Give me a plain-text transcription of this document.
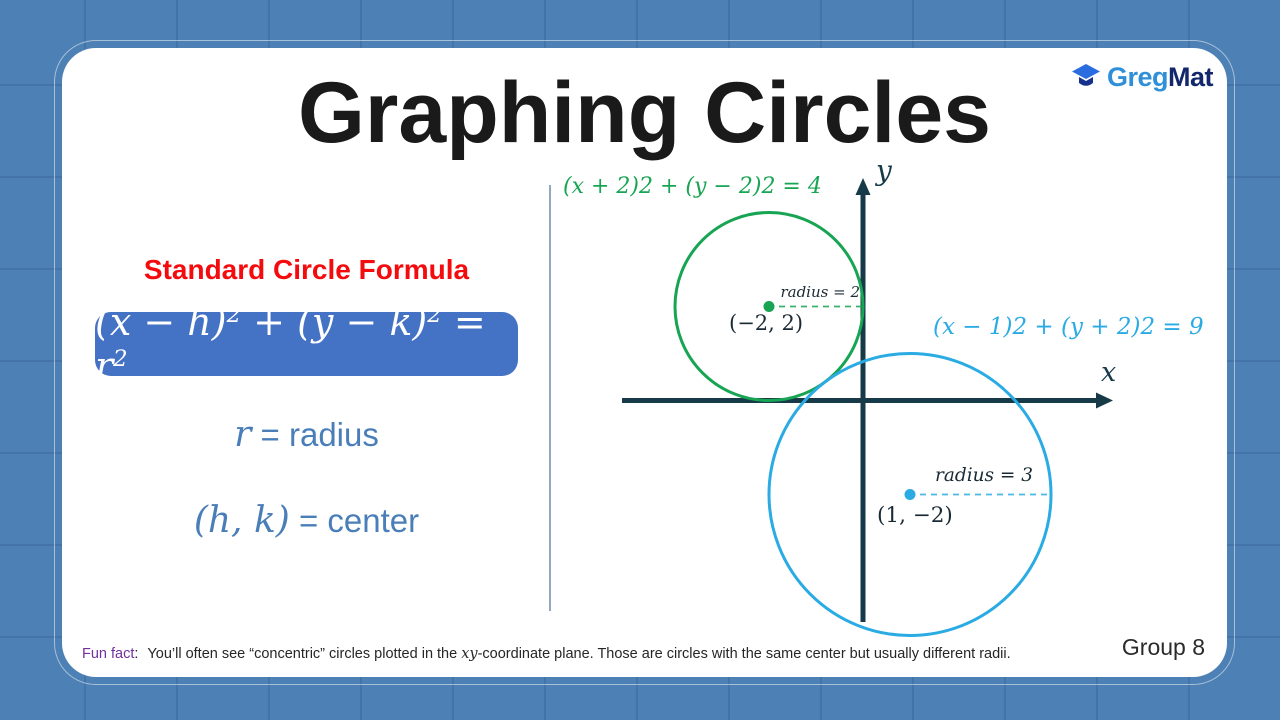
Graphing Circles	GregMat
Standard Circle Formula
$(x - h)^2 + (y - k)^2 = r^2$
r = radius
(h, k) = center
y
x
(x + 2)2 + (y − 2)2 = 4
(x − 1)2 + (y + 2)2 = 9
radius = 2
radius = 3
(−2, 2)
(1, −2)
Fun fact: You’ll often see “concentric” circles plotted in the xy-coordinate plane. Those are circles with the same center but usually different radii.	Group 8
